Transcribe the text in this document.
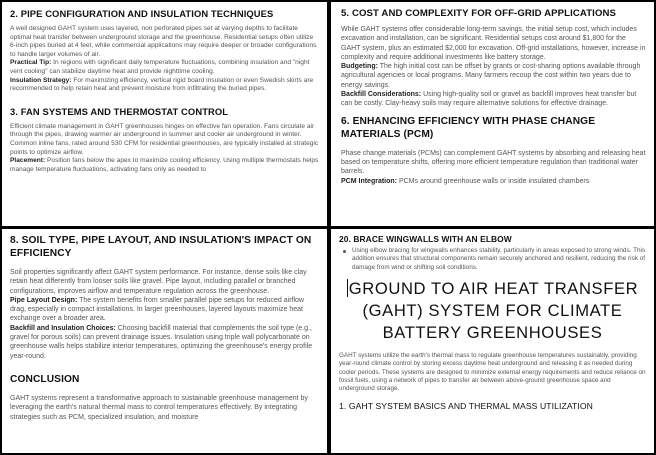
2. PIPE CONFIGURATION AND INSULATION TECHNIQUES

A well designed GAHT system uses layered, non perforated pipes set at varying depths to facilitate optimal heat transfer between underground storage and the greenhouse. Residential setups often utilize 6-inch pipes buried at 4 feet, while commercial applications may require deeper or broader configurations to handle larger volumes of air.

Practical Tip: In regions with significant daily temperature fluctuations, combining insulation and "night vent cooling" can stabilize daytime heat and provide nighttime cooling.

Insulation Strategy: For maximizing efficiency, vertical rigid board insulation or even Swedish skirts are recommended to help retain heat and prevent moisture from infiltrating the buried pipes.

3. FAN SYSTEMS AND THERMOSTAT CONTROL

Efficient climate management in GAHT greenhouses hinges on effective fan operation. Fans circulate air through the pipes, drawing warmer air underground in summer and cooler air underground in winter. Common inline fans, rated around 530 CFM for residential greenhouses, are typically installed at strategic points to optimize airflow.

Placement: Position fans below the apex to maximize cooling efficiency. Using multiple thermostats helps manage temperature fluctuations, activating fans only as needed to

5. COST AND COMPLEXITY FOR OFF-GRID APPLICATIONS

While GAHT systems offer considerable long-term savings, the initial setup cost, which includes excavation and installation, can be significant. Residential setups cost around $1,800 for the GAHT system, plus an estimated $2,000 for excavation. Off-grid installations, however, increase in complexity and require additional investments like battery storage.

Budgeting: The high initial cost can be offset by grants or cost-sharing options available through agricultural agencies or local programs. Many farmers recoup the cost within two years due to energy savings.

Backfill Considerations: Using high-quality soil or gravel as backfill improves heat transfer but can be costly. Clay-heavy soils may require alternative solutions for effective drainage.

6. ENHANCING EFFICIENCY WITH PHASE CHANGE MATERIALS (PCM)

Phase change materials (PCMs) can complement GAHT systems by absorbing and releasing heat based on temperature shifts, offering more efficient temperature regulation than traditional water barrels.

PCM Integration: PCMs around greenhouse walls or inside insulated chambers

8. SOIL TYPE, PIPE LAYOUT, AND INSULATION'S IMPACT ON EFFICIENCY

Soil properties significantly affect GAHT system performance. For instance, dense soils like clay retain heat differently from looser soils like gravel. Pipe layout, including parallel or branched configurations, improves airflow and temperature regulation across the greenhouse.

Pipe Layout Design: The system benefits from smaller parallel pipe setups for reduced airflow drag, especially in compact installations. In larger greenhouses, layered layouts maximize heat exchange over a broader area.

Backfill and Insulation Choices: Choosing backfill material that complements the soil type (e.g., gravel for porous soils) can prevent drainage issues. Insulation using triple wall polycarbonate on greenhouse walls helps stabilize interior temperatures, optimizing the greenhouse's energy profile year-round.

CONCLUSION

GAHT systems represent a transformative approach to sustainable greenhouse management by leveraging the earth's natural thermal mass to control temperatures effectively. By integrating strategies such as PCM, specialized insulation, and moisture

20. BRACE WINGWALLS WITH AN ELBOW
Using elbow bracing for wingwalls enhances stability, particularly in areas exposed to strong winds. This addition ensures that structural components remain securely anchored and resilient, reducing the risk of damage from wind or shifting soil conditions.
GROUND TO AIR HEAT TRANSFER (GAHT) SYSTEM FOR CLIMATE BATTERY GREENHOUSES

GAHT systems utilize the earth's thermal mass to regulate greenhouse temperatures sustainably, providing year-round climate control by storing excess daytime heat underground and releasing it as needed during cooler periods. These systems are designed to minimize external energy requirements and reduce reliance on fossil fuels, using a network of pipes to transfer air between above-ground greenhouse space and underground storage.

1. GAHT SYSTEM BASICS AND THERMAL MASS UTILIZATION
